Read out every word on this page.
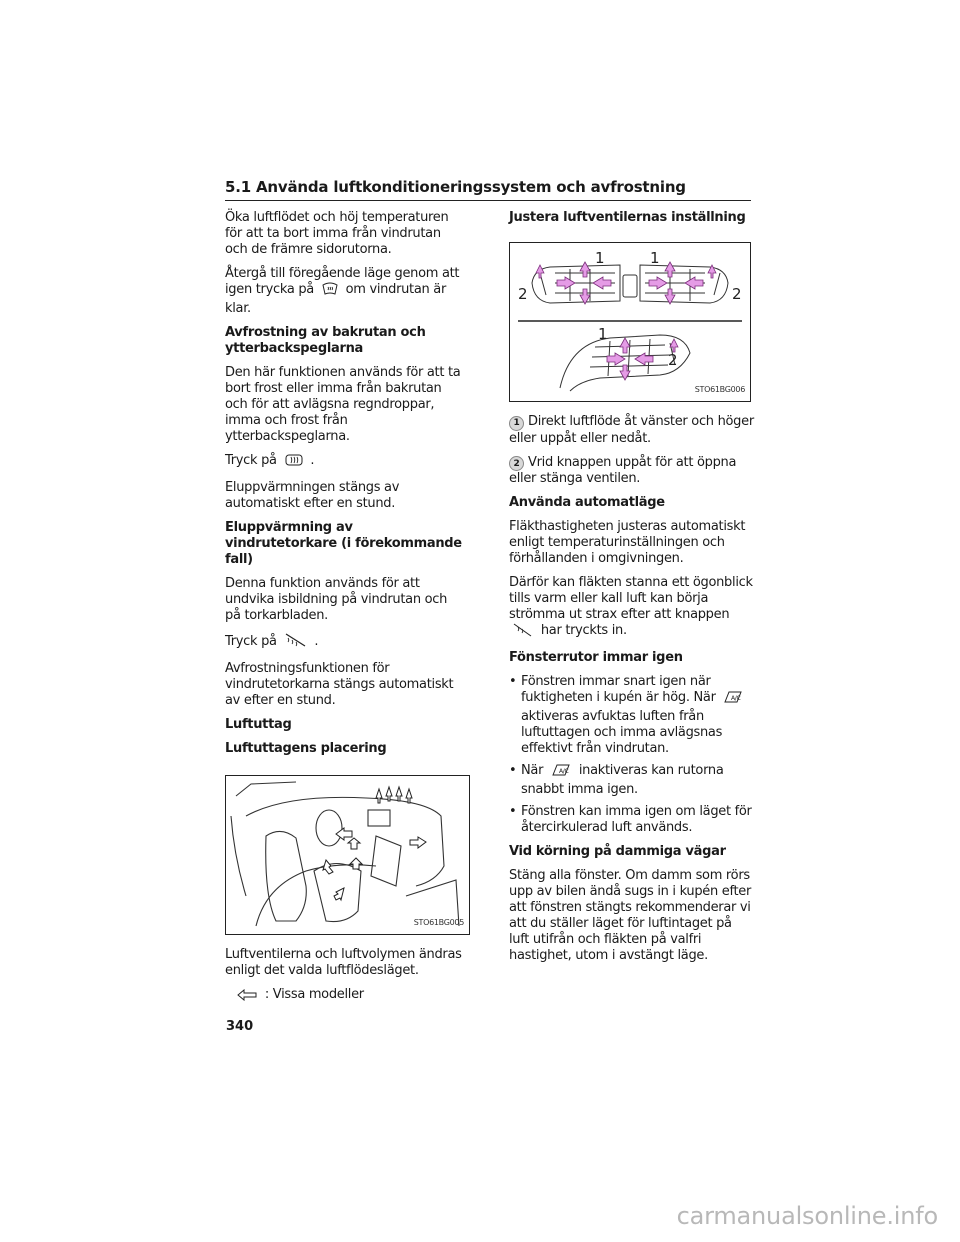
5.1 Använda luftkonditioneringssystem och avfrostning

Öka luftflödet och höj temperaturen för att ta bort imma från vindrutan och de främre sidorutorna.

Återgå till föregående läge genom att igen trycka på om vindrutan är klar.

Avfrostning av bakrutan och ytterbackspeglarna

Den här funktionen används för att ta bort frost eller imma från bakrutan och för att avlägsna regndroppar, imma och frost från ytterbackspeglarna.

Tryck på	.

Eluppvärmningen stängs av automatiskt efter en stund.

Eluppvärmning av vindrutetorkare (i förekommande fall)

Denna funktion används för att undvika isbildning på vindrutan och på torkarbladen.

Tryck på	.

Avfrostningsfunktionen för vindrutetorkarna stängs automatiskt av efter en stund.

Luftuttag
Luftuttagens placering
STO61BG005

Luftventilerna och luftvolymen ändras enligt det valda luftflödesläget.

: Vissa modeller

Justera luftventilernas inställning
1	1
2	2
1
2
STO61BG006

1 Direkt luftflöde åt vänster och höger eller uppåt eller nedåt.

2 Vrid knappen uppåt för att öppna eller stänga ventilen.

Använda automatläge

Fläkthastigheten justeras automatiskt enligt temperaturinställningen och förhållanden i omgivningen.

Därför kan fläkten stanna ett ögonblick tills varm eller kall luft kan börja strömma ut strax efter att knappen  har tryckts in.

Fönsterrutor immar igen
• Fönstren immar snart igen när fuktigheten i kupén är hög. När	A/C
aktiveras avfuktas luften från luftuttagen och imma avlägsnas effektivt från vindrutan.
• När	A/C inaktiveras kan rutorna snabbt imma igen.
• Fönstren kan imma igen om läget för återcirkulerad luft används.
Vid körning på dammiga vägar

Stäng alla fönster. Om damm som rörs upp av bilen ändå sugs in i kupén efter att fönstren stängts rekommenderar vi att du ställer läget för luftintaget på luft utifrån och fläkten på valfri hastighet, utom i avstängt läge.

340
carmanualsonline.info
